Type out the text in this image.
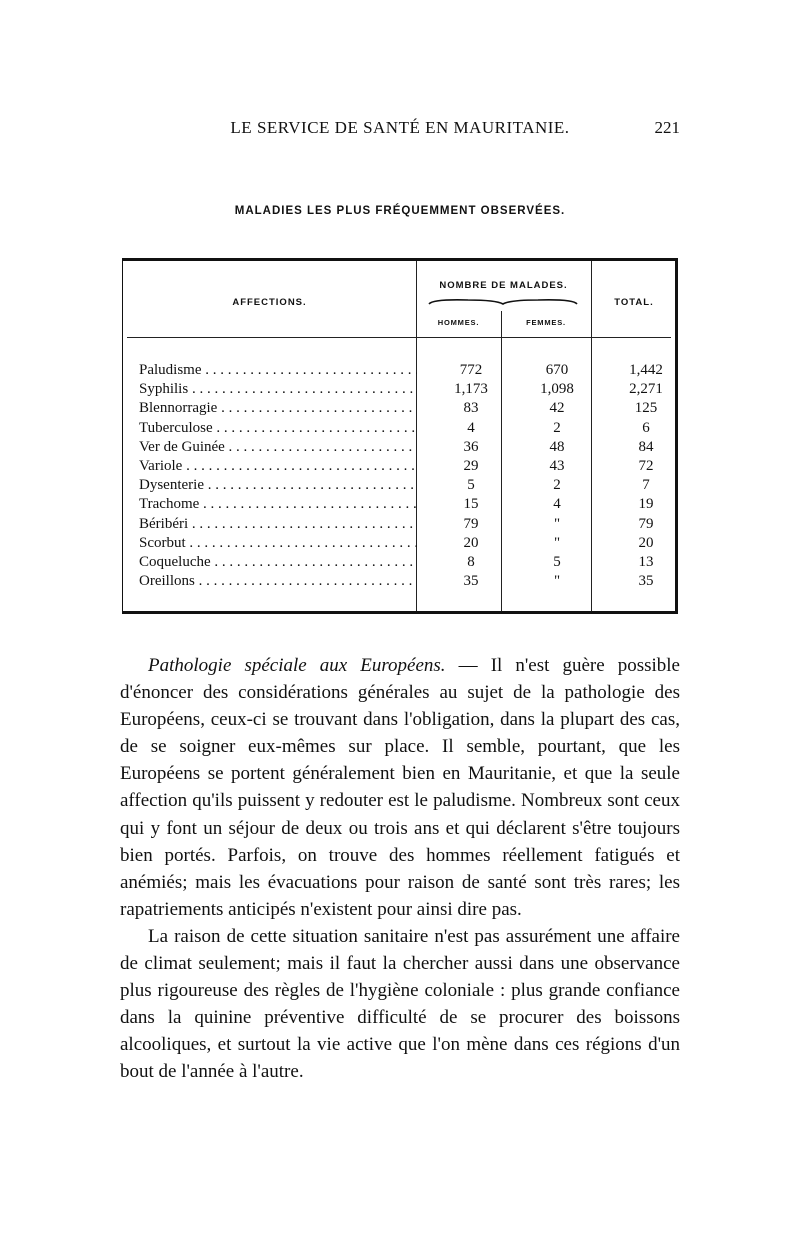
LE SERVICE DE SANTÉ EN MAURITANIE.	221
MALADIES LES PLUS FRÉQUEMMENT OBSERVÉES.
AFFECTIONS.
NOMBRE DE MALADES.
HOMMES.	FEMMES.
TOTAL.
Paludisme . . .	772	670	1,442
Syphilis . . .	1,173	1,098	2,271
Blennorragie . . .	83	42	125
Tuberculose . . .	4	2	6
Ver de Guinée . . .	36	48	84
Variole . . .	29	43	72
Dysenterie . . .	5	2	7
Trachome . . .	15	4	19
Béribéri . . .	79	"	79
Scorbut . . .	20	"	20
Coqueluche . . .	8	5	13
Oreillons . . .	35	"	35

Pathologie spéciale aux Européens. — Il n'est guère possible d'énoncer des considérations générales au sujet de la pathologie des Européens, ceux-ci se trouvant dans l'obligation, dans la plupart des cas, de se soigner eux-mêmes sur place. Il semble, pourtant, que les Européens se portent généralement bien en Mauritanie, et que la seule affection qu'ils puissent y redouter est le paludisme. Nombreux sont ceux qui y font un séjour de deux ou trois ans et qui déclarent s'être toujours bien portés. Parfois, on trouve des hommes réellement fatigués et anémiés; mais les évacuations pour raison de santé sont très rares; les rapatriements anticipés n'existent pour ainsi dire pas.

La raison de cette situation sanitaire n'est pas assurément une affaire de climat seulement; mais il faut la chercher aussi dans une observance plus rigoureuse des règles de l'hygiène coloniale : plus grande confiance dans la quinine préventive difficulté de se procurer des boissons alcooliques, et surtout la vie active que l'on mène dans ces régions d'un bout de l'année à l'autre.
